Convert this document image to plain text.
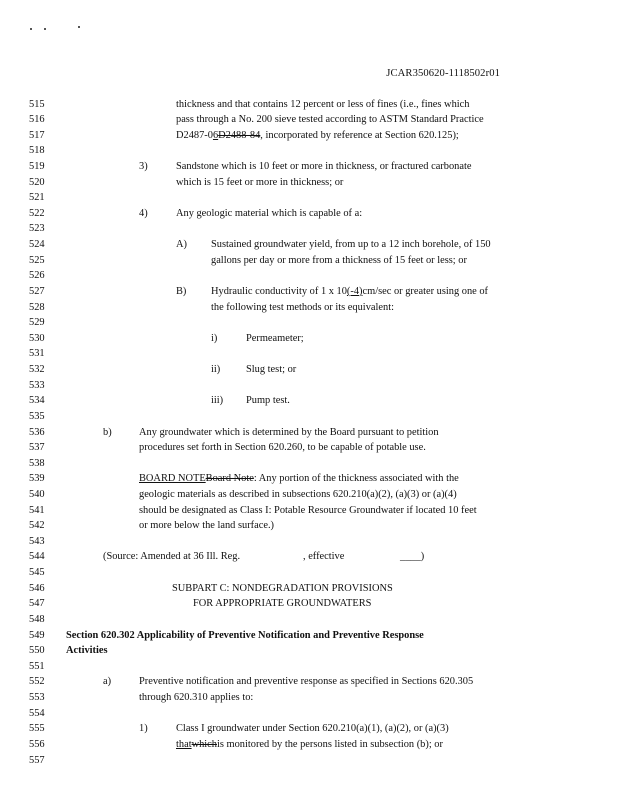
JCAR350620-1118502r01
515	thickness and that contains 12 percent or less of fines (i.e., fines which
516	pass through a No. 200 sieve tested according to ASTM Standard Practice
517	D2487-0 6 D2488-84 , incorporated by reference at Section 620.125);
518
519	3)	Sandstone which is 10 feet or more in thickness, or fractured carbonate
520	which is 15 feet or more in thickness; or
521
522	4)	Any geologic material which is capable of a:
523
524	A) Sustained groundwater yield, from up to a 12 inch borehole, of 150
525	gallons per day or more from a thickness of 15 feet or less; or
526
527	B) Hydraulic conductivity of 1 x 10 (-4) cm/sec or greater using one of
528	the following test methods or its equivalent:
529
530	i)	Permeameter;
531
532	ii) Slug test; or
533
534	iii) Pump test.
535
536	b)	Any groundwater which is determined by the Board pursuant to petition
537	procedures set forth in Section 620.260, to be capable of potable use.
538
539	BOARD NOTE Board Note : Any portion of the thickness associated with the
540	geologic materials as described in subsections 620.210(a)(2), (a)(3) or (a)(4)
541	should be designated as Class I: Potable Resource Groundwater if located 10 feet
542	or more below the land surface.)
543
544	(Source: Amended at 36 Ill. Reg.	, effective	____)
545
546	SUBPART C: NONDEGRADATION PROVISIONS
547	FOR APPROPRIATE GROUNDWATERS
548
549 Section 620.302 Applicability of Preventive Notification and Preventive Response
550 Activities
551
552	a)	Preventive notification and preventive response as specified in Sections 620.305
553	through 620.310 applies to:
554
555	1)	Class I groundwater under Section 620.210(a)(1), (a)(2), or (a)(3)
556	that which is monitored by the persons listed in subsection (b); or
557
